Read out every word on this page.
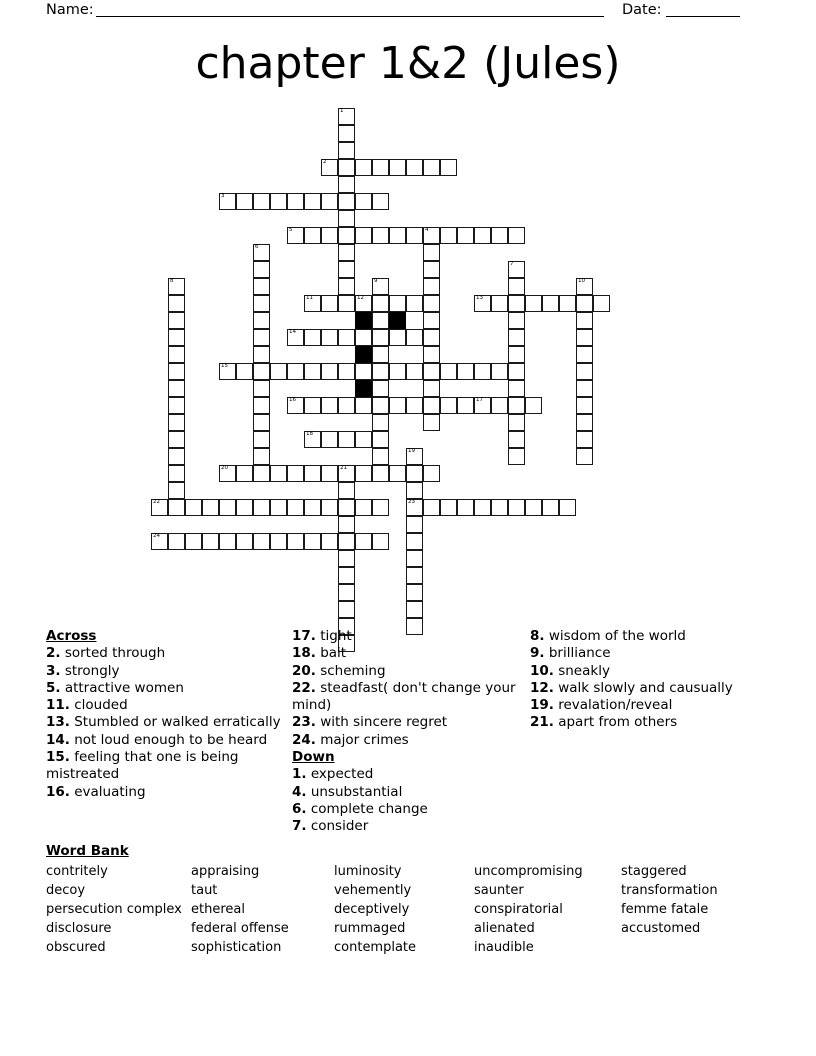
Name:	Date:
chapter 1&2 (Jules)
1
2
3
5	4
6
7
8	9	10
11	12	13
14
15
16	17
18
19
20	21
22	23
24
Across
2. sorted through
3. strongly
5. attractive women
11. clouded
13. Stumbled or walked erratically
14. not loud enough to be heard
15. feeling that one is being mistreated
16. evaluating
17. tight
18. bait
20. scheming
22. steadfast( don't change your mind)
23. with sincere regret
24. major crimes
Down
1. expected
4. unsubstantial
6. complete change
7. consider
8. wisdom of the world
9. brilliance
10. sneakly
12. walk slowly and causually
19. revalation/reveal
21. apart from others
Word Bank
contritely
decoy
persecution complex
disclosure
obscured
appraising
taut
ethereal
federal offense
sophistication
luminosity
vehemently
deceptively
rummaged
contemplate
uncompromising
saunter
conspiratorial
alienated
inaudible
staggered
transformation
femme fatale
accustomed
